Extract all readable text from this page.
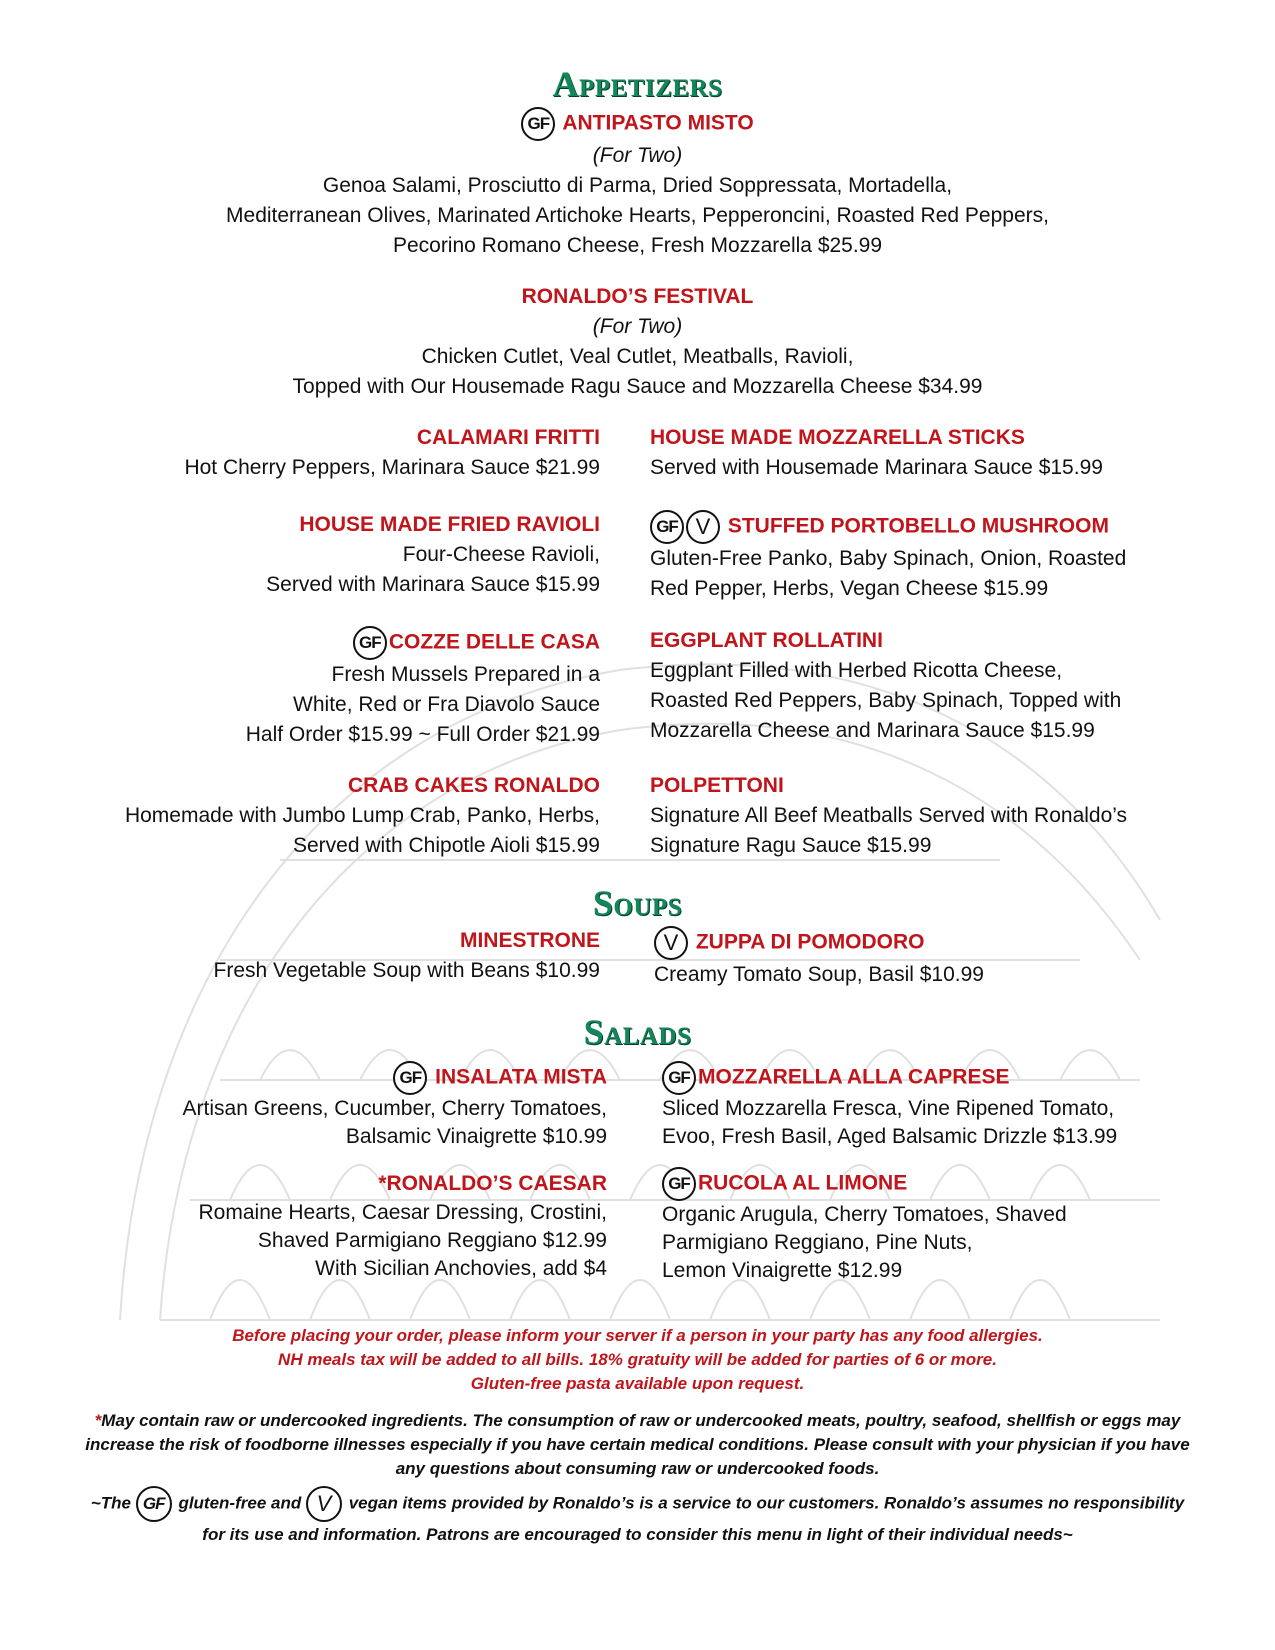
Appetizers
GF ANTIPASTO MISTO
(For Two)
Genoa Salami, Prosciutto di Parma, Dried Soppressata, Mortadella,
Mediterranean Olives, Marinated Artichoke Hearts, Pepperoncini, Roasted Red Peppers,
Pecorino Romano Cheese, Fresh Mozzarella $25.99
RONALDO’S FESTIVAL
(For Two)
Chicken Cutlet, Veal Cutlet, Meatballs, Ravioli,
Topped with Our Housemade Ragu Sauce and Mozzarella Cheese $34.99
CALAMARI FRITTI
Hot Cherry Peppers, Marinara Sauce $21.99
HOUSE MADE FRIED RAVIOLI
Four-Cheese Ravioli,
Served with Marinara Sauce $15.99
GF COZZE DELLE CASA
Fresh Mussels Prepared in a
White, Red or Fra Diavolo Sauce
Half Order $15.99 ~ Full Order $21.99
CRAB CAKES RONALDO
Homemade with Jumbo Lump Crab, Panko, Herbs,
Served with Chipotle Aioli $15.99
HOUSE MADE MOZZARELLA STICKS
Served with Housemade Marinara Sauce $15.99
GF V STUFFED PORTOBELLO MUSHROOM
Gluten-Free Panko, Baby Spinach, Onion, Roasted
Red Pepper, Herbs, Vegan Cheese $15.99
EGGPLANT ROLLATINI
Eggplant Filled with Herbed Ricotta Cheese,
Roasted Red Peppers, Baby Spinach, Topped with
Mozzarella Cheese and Marinara Sauce $15.99
POLPETTONI
Signature All Beef Meatballs Served with Ronaldo’s
Signature Ragu Sauce $15.99
Soups
MINESTRONE
Fresh Vegetable Soup with Beans $10.99
V ZUPPA DI POMODORO
Creamy Tomato Soup, Basil $10.99
Salads
GF INSALATA MISTA
Artisan Greens, Cucumber, Cherry Tomatoes,
Balsamic Vinaigrette $10.99
*RONALDO’S CAESAR
Romaine Hearts, Caesar Dressing, Crostini,
Shaved Parmigiano Reggiano $12.99
With Sicilian Anchovies, add $4
GF MOZZARELLA ALLA CAPRESE
Sliced Mozzarella Fresca, Vine Ripened Tomato,
Evoo, Fresh Basil, Aged Balsamic Drizzle $13.99
GF RUCOLA AL LIMONE
Organic Arugula, Cherry Tomatoes, Shaved
Parmigiano Reggiano, Pine Nuts,
Lemon Vinaigrette $12.99
Before placing your order, please inform your server if a person in your party has any food allergies.
NH meals tax will be added to all bills. 18% gratuity will be added for parties of 6 or more.
Gluten-free pasta available upon request.
*May contain raw or undercooked ingredients. The consumption of raw or undercooked meats, poultry, seafood, shellfish or eggs may increase the risk of foodborne illnesses especially if you have certain medical conditions. Please consult with your physician if you have any questions about consuming raw or undercooked foods.
~The GF gluten-free and V vegan items provided by Ronaldo’s is a service to our customers. Ronaldo’s assumes no responsibility for its use and information. Patrons are encouraged to consider this menu in light of their individual needs~
